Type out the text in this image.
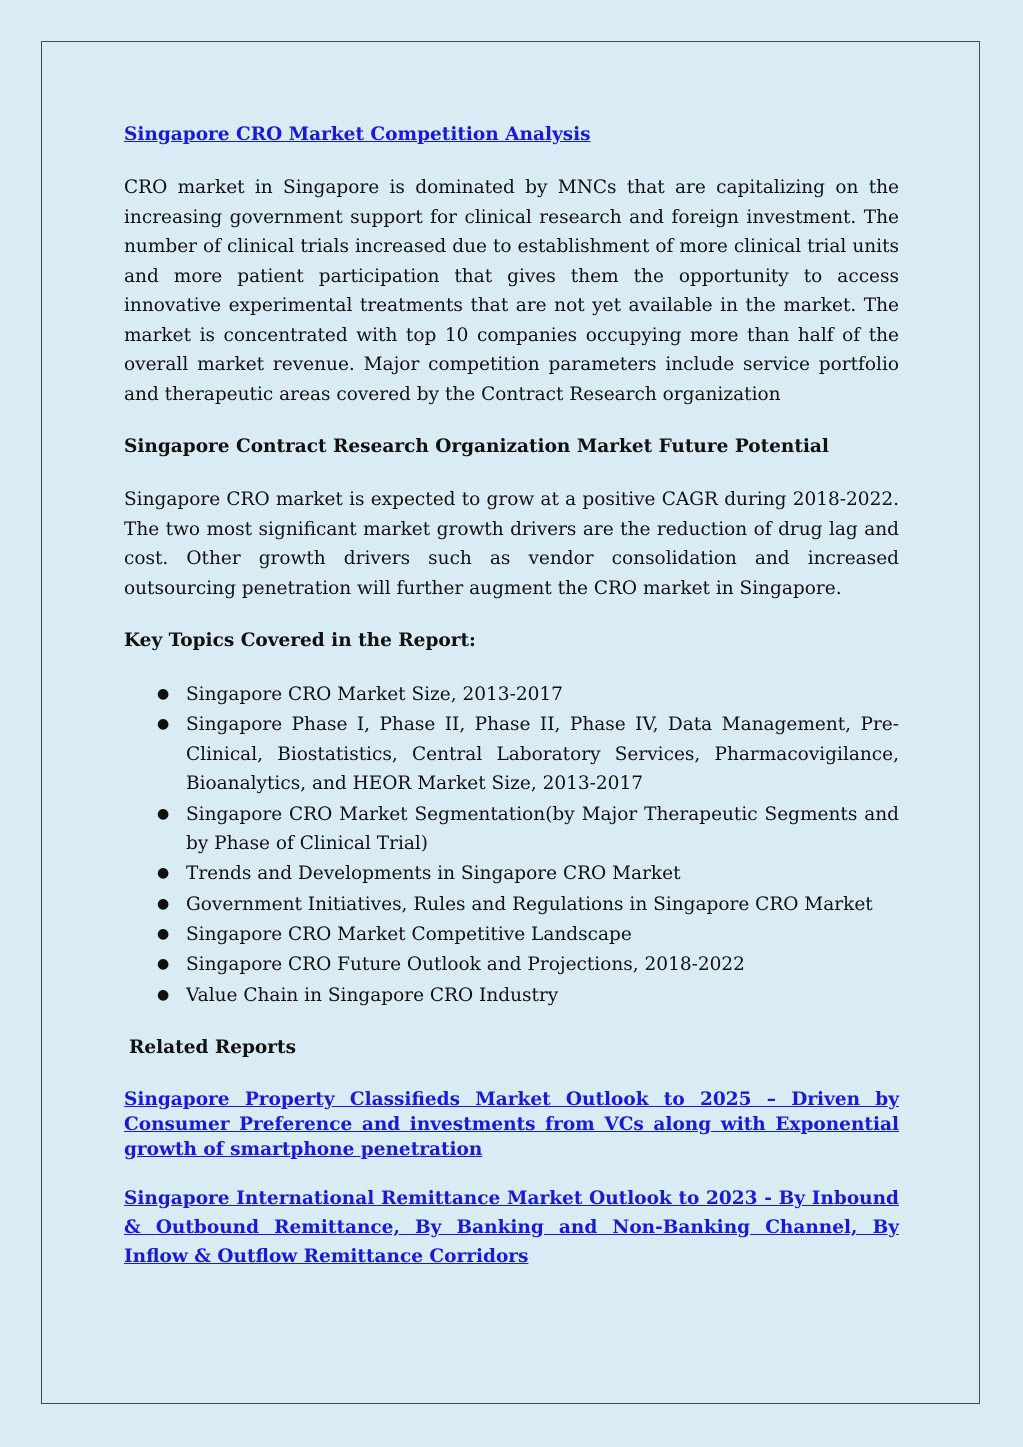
Singapore CRO Market Competition Analysis

CRO market in Singapore is dominated by MNCs that are capitalizing on the increasing government support for clinical research and foreign investment. The number of clinical trials increased due to establishment of more clinical trial units and more patient participation that gives them the opportunity to access innovative experimental treatments that are not yet available in the market. The market is concentrated with top 10 companies occupying more than half of the overall market revenue. Major competition parameters include service portfolio and therapeutic areas covered by the Contract Research organization

Singapore Contract Research Organization Market Future Potential

Singapore CRO market is expected to grow at a positive CAGR during 2018-2022. The two most significant market growth drivers are the reduction of drug lag and cost. Other growth drivers such as vendor consolidation and increased outsourcing penetration will further augment the CRO market in Singapore.

Key Topics Covered in the Report:
● Singapore CRO Market Size, 2013-2017
● Singapore Phase I, Phase II, Phase II, Phase IV, Data Management, Pre-Clinical, Biostatistics, Central Laboratory Services, Pharmacovigilance, Bioanalytics, and HEOR Market Size, 2013-2017
● Singapore CRO Market Segmentation(by Major Therapeutic Segments and by Phase of Clinical Trial)
● Trends and Developments in Singapore CRO Market
● Government Initiatives, Rules and Regulations in Singapore CRO Market
● Singapore CRO Market Competitive Landscape
● Singapore CRO Future Outlook and Projections, 2018-2022
● Value Chain in Singapore CRO Industry
Related Reports
Singapore Property Classifieds Market Outlook to 2025 – Driven by Consumer Preference and investments from VCs along with Exponential growth of smartphone penetration
Singapore International Remittance Market Outlook to 2023 - By Inbound & Outbound Remittance, By Banking and Non-Banking Channel, By Inflow & Outflow Remittance Corridors
